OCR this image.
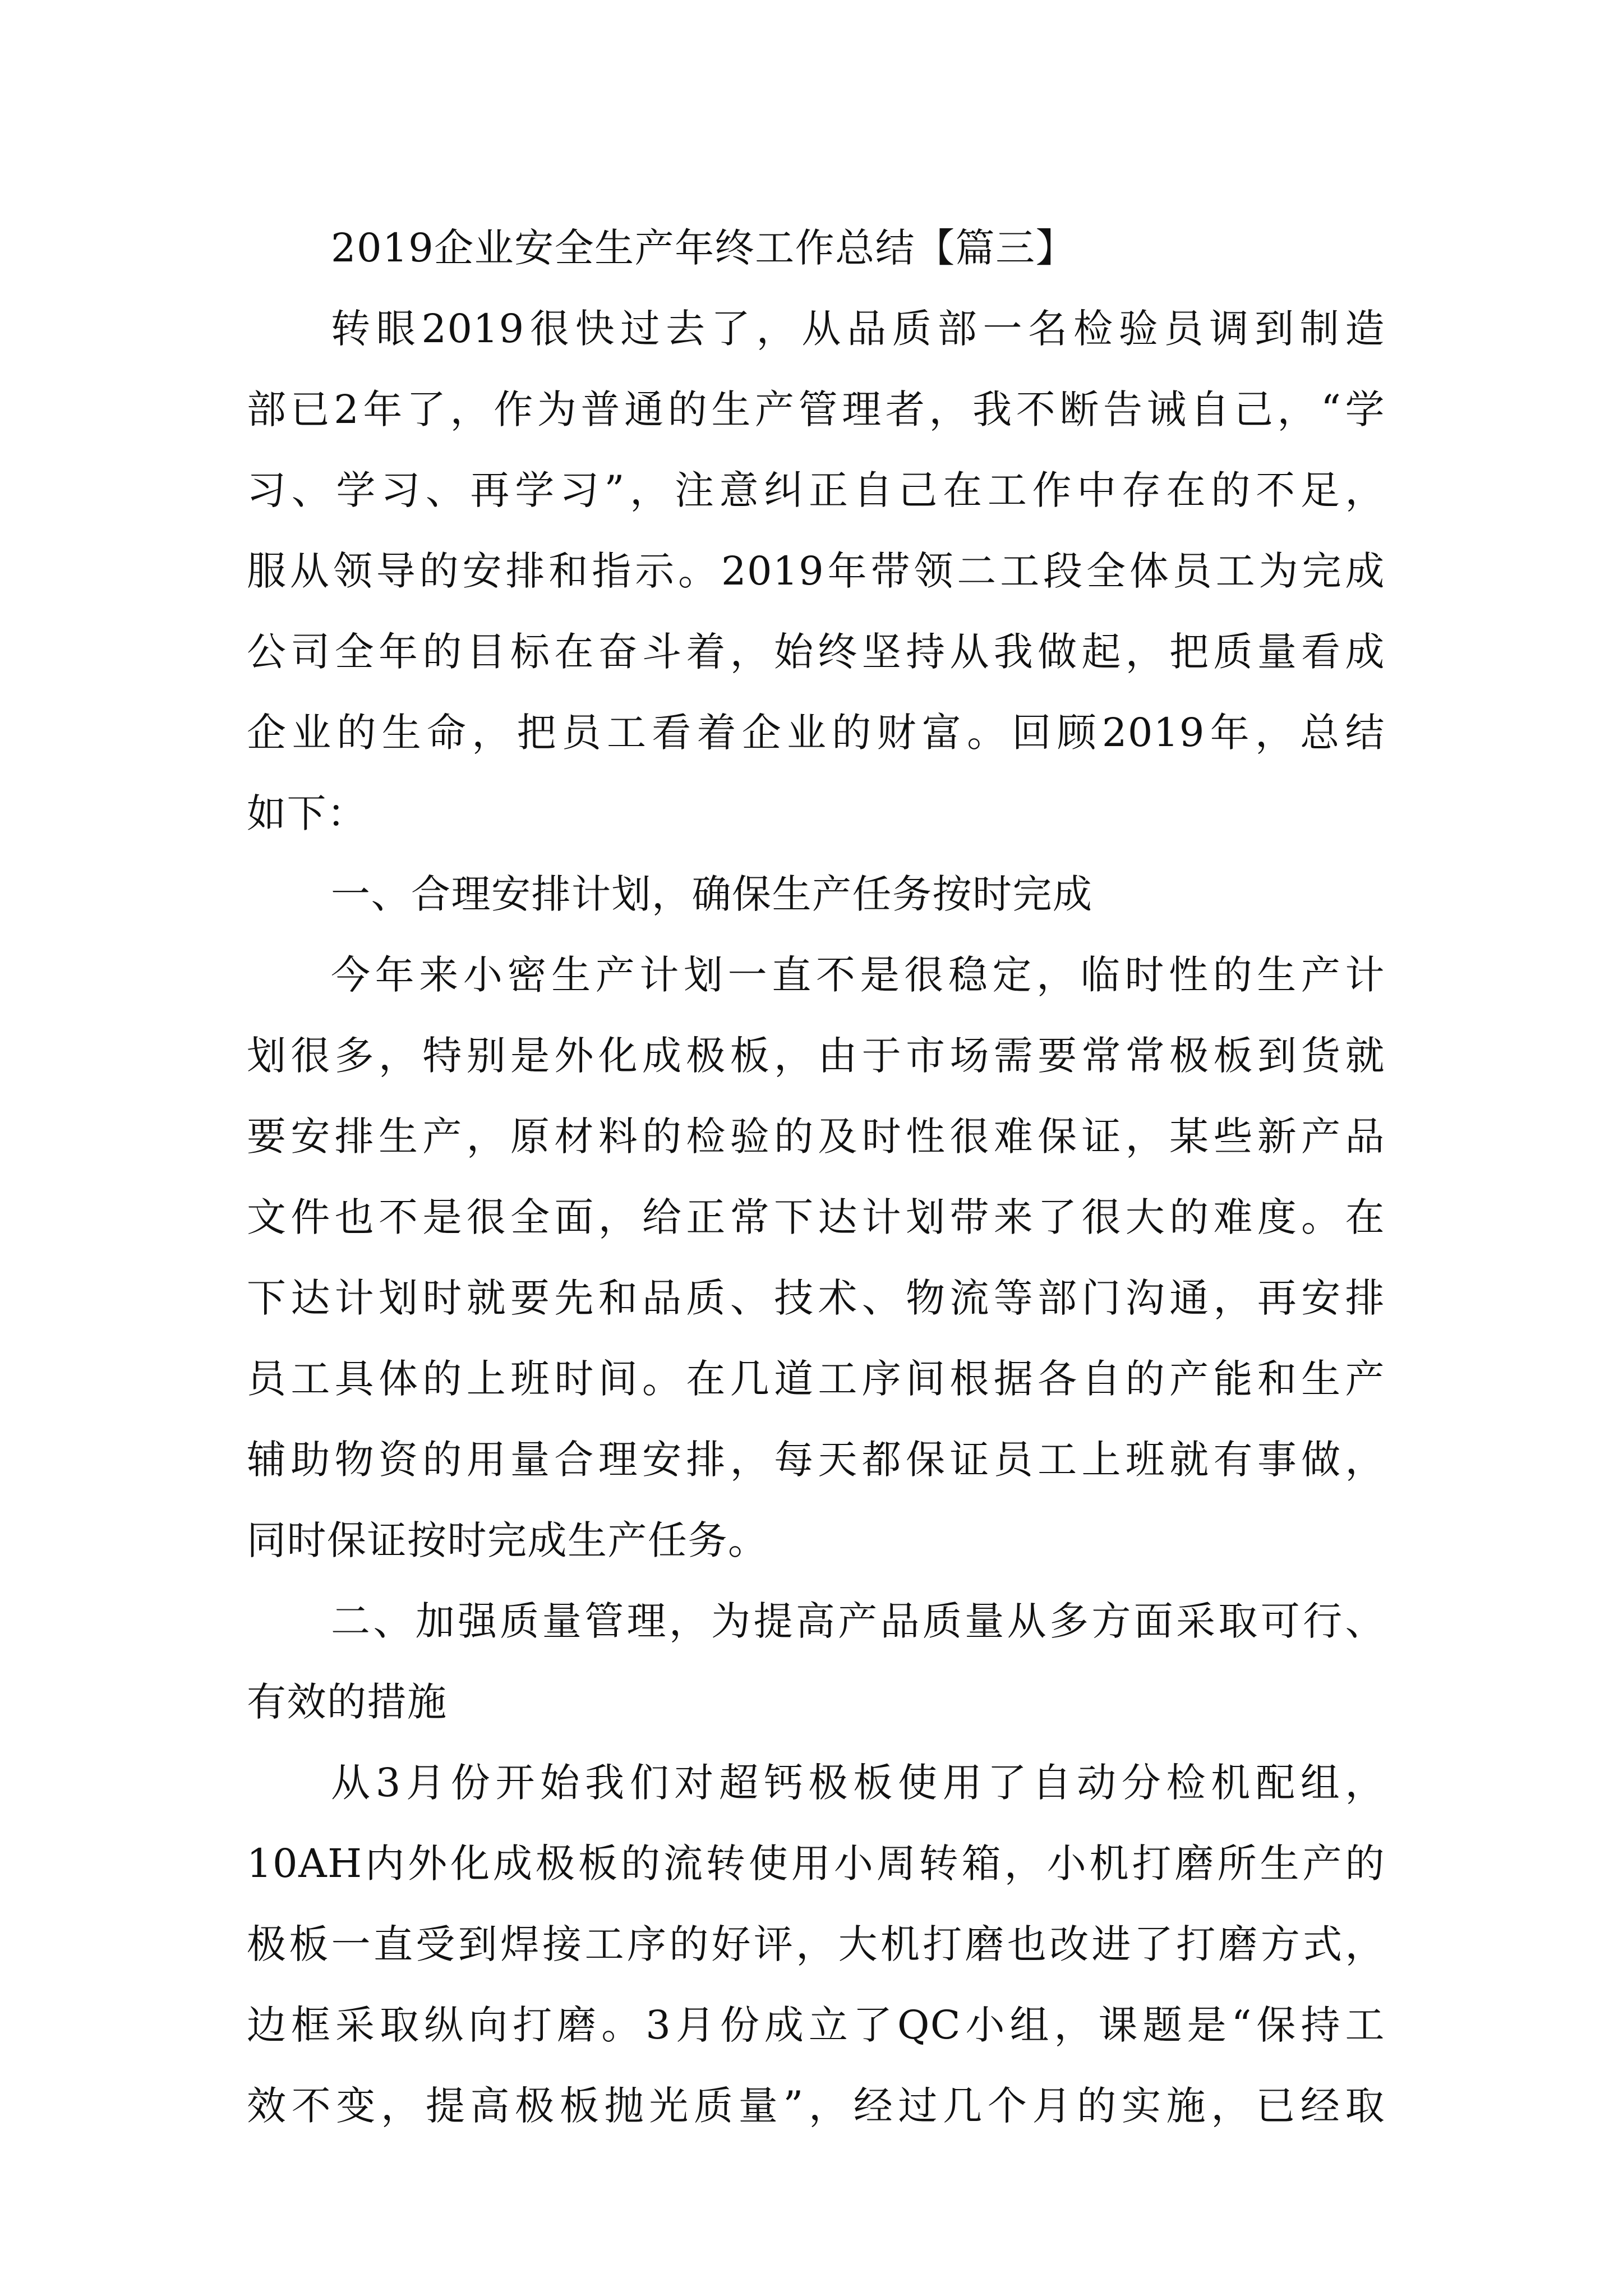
2019企业安全生产年终工作总结【篇三】
转眼2019很快过去了，从品质部一名检验员调到制造
部已2年了，作为普通的生产管理者，我不断告诫自己，“学
习、学习、再学习”，注意纠正自己在工作中存在的不足，
服从领导的安排和指示。2019年带领二工段全体员工为完成
公司全年的目标在奋斗着，始终坚持从我做起，把质量看成
企业的生命，把员工看着企业的财富。回顾2019年，总结
如下：
一、合理安排计划，确保生产任务按时完成
今年来小密生产计划一直不是很稳定，临时性的生产计
划很多，特别是外化成极板，由于市场需要常常极板到货就
要安排生产，原材料的检验的及时性很难保证，某些新产品
文件也不是很全面，给正常下达计划带来了很大的难度。在
下达计划时就要先和品质、技术、物流等部门沟通，再安排
员工具体的上班时间。在几道工序间根据各自的产能和生产
辅助物资的用量合理安排，每天都保证员工上班就有事做，
同时保证按时完成生产任务。
二、加强质量管理，为提高产品质量从多方面采取可行、
有效的措施
从3月份开始我们对超钙极板使用了自动分检机配组，
10AH内外化成极板的流转使用小周转箱，小机打磨所生产的
极板一直受到焊接工序的好评，大机打磨也改进了打磨方式，
边框采取纵向打磨。3月份成立了QC小组，课题是“保持工
效不变，提高极板抛光质量”，经过几个月的实施，已经取
